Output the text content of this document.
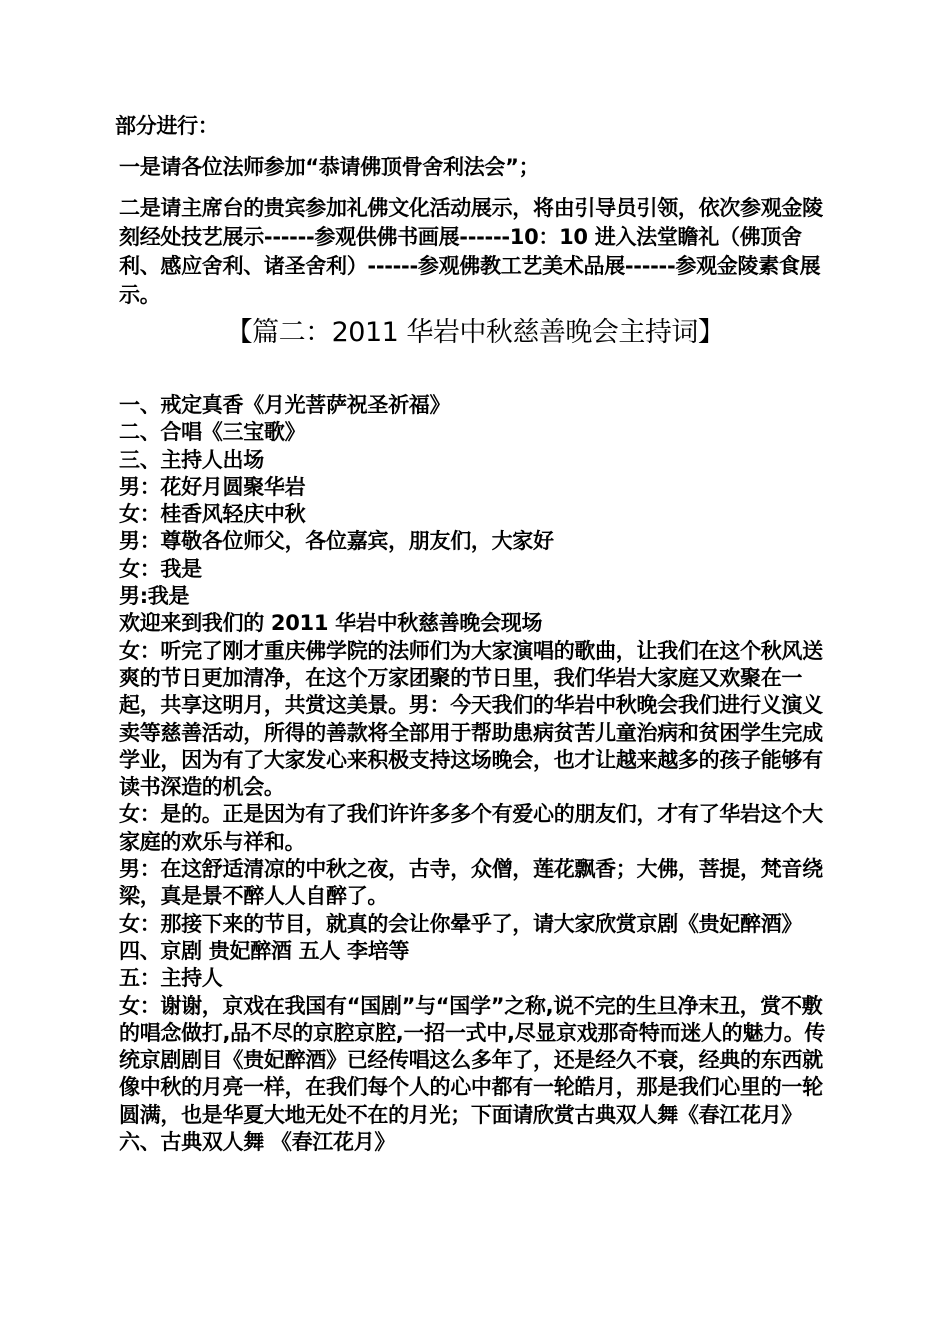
部分进行：

一是请各位法师参加“恭请佛顶骨舍利法会”；

二是请主席台的贵宾参加礼佛文化活动展示，将由引导员引领，依次参观金陵刻经处技艺展示------参观供佛书画展------10：10 进入法堂瞻礼（佛顶舍利、感应舍利、诸圣舍利）------参观佛教工艺美术品展------参观金陵素食展示。

【篇二：2011 华岩中秋慈善晚会主持词】

一、戒定真香《月光菩萨祝圣祈福》

二、合唱《三宝歌》

三、主持人出场

男：花好月圆聚华岩

女：桂香风轻庆中秋

男：尊敬各位师父，各位嘉宾，朋友们，大家好

女：我是

男:我是

欢迎来到我们的 2011 华岩中秋慈善晚会现场

女：听完了刚才重庆佛学院的法师们为大家演唱的歌曲，让我们在这个秋风送爽的节日更加清净，在这个万家团聚的节日里，我们华岩大家庭又欢聚在一起，共享这明月，共赏这美景。男：今天我们的华岩中秋晚会我们进行义演义卖等慈善活动，所得的善款将全部用于帮助患病贫苦儿童治病和贫困学生完成学业，因为有了大家发心来积极支持这场晚会，也才让越来越多的孩子能够有读书深造的机会。

女：是的。正是因为有了我们许许多多个有爱心的朋友们，才有了华岩这个大家庭的欢乐与祥和。

男：在这舒适清凉的中秋之夜，古寺，众僧，莲花飘香；大佛，菩提，梵音绕梁，真是景不醉人人自醉了。

女：那接下来的节目，就真的会让你晕乎了，请大家欣赏京剧《贵妃醉酒》

四、京剧 贵妃醉酒 五人 李培等

五：主持人

女：谢谢，京戏在我国有“国剧”与“国学”之称,说不完的生旦净末丑，赏不敷的唱念做打,品不尽的京腔京腔,一招一式中,尽显京戏那奇特而迷人的魅力。传统京剧剧目《贵妃醉酒》已经传唱这么多年了，还是经久不衰，经典的东西就像中秋的月亮一样，在我们每个人的心中都有一轮皓月，那是我们心里的一轮圆满，也是华夏大地无处不在的月光；下面请欣赏古典双人舞《春江花月》

六、古典双人舞 《春江花月》
